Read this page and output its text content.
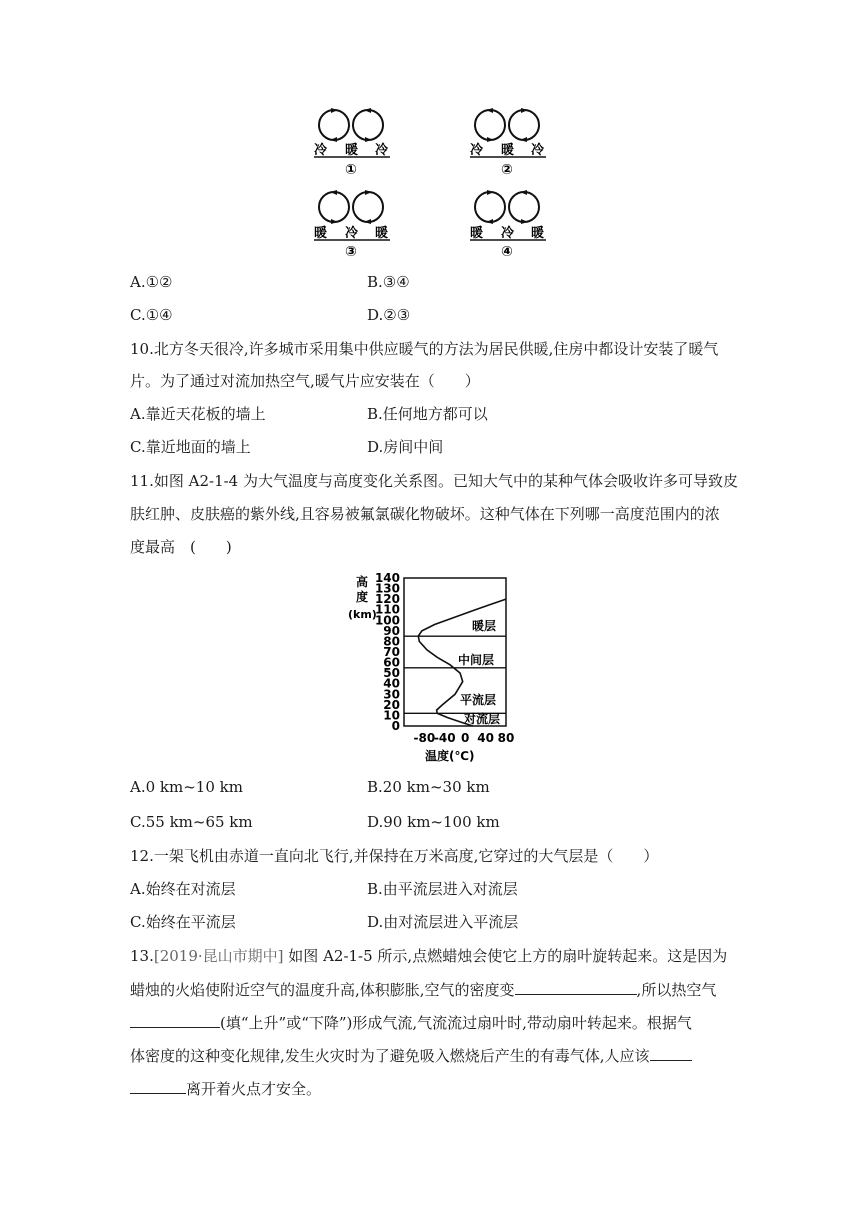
冷 暖 冷
①
冷 暖 冷
②
暖 冷 暖
③
暖 冷 暖
④
A.①②	B.③④
C.①④	D.②③
10.北方冬天很冷,许多城市采用集中供应暖气的方法为居民供暖,住房中都设计安装了暖气
片。为了通过对流加热空气,暖气片应安装在（　　）
A.靠近天花板的墙上	B.任何地方都可以
C.靠近地面的墙上	D.房间中间
11.如图 A2-1-4 为大气温度与高度变化关系图。已知大气中的某种气体会吸收许多可导致皮
肤红肿、皮肤癌的紫外线,且容易被氟氯碳化物破坏。这种气体在下列哪一高度范围内的浓
度最高　(　　)
高
度
(km)
0
10
20
30
40
50
60
70
80
90
100
110
120
130
140
-80
-40 0 40 80
暖层
中间层
平流层
对流层
温度(℃)
A.0 km~10 km	B.20 km~30 km
C.55 km~65 km	D.90 km~100 km
12.一架飞机由赤道一直向北飞行,并保持在万米高度,它穿过的大气层是（　　）
A.始终在对流层	B.由平流层进入对流层
C.始终在平流层	D.由对流层进入平流层
13.[2019·昆山市期中] 如图 A2-1-5 所示,点燃蜡烛会使它上方的扇叶旋转起来。这是因为
蜡烛的火焰使附近空气的温度升高,体积膨胀,空气的密度变	,所以热空气
(填“上升”或“下降”)形成气流,气流流过扇叶时,带动扇叶转起来。根据气
体密度的这种变化规律,发生火灾时为了避免吸入燃烧后产生的有毒气体,人应该
离开着火点才安全。
